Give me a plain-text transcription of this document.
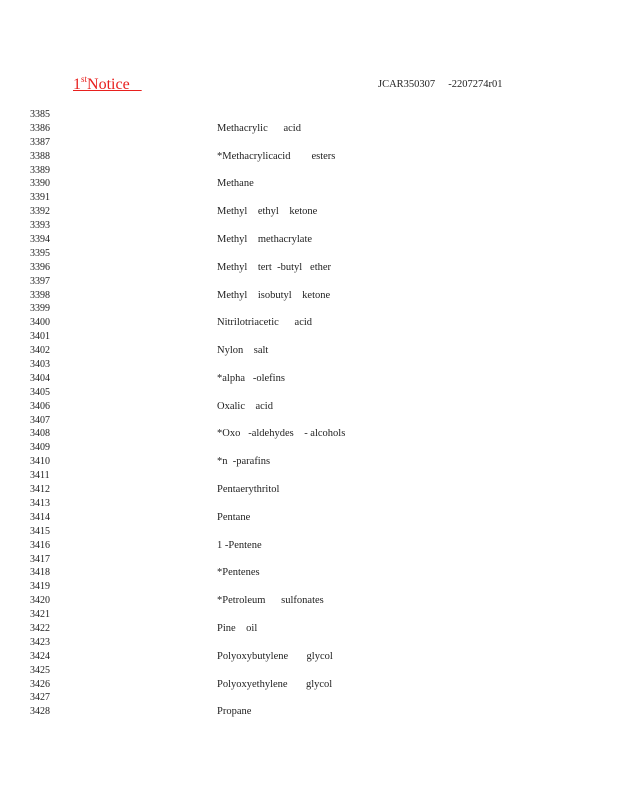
1stNotice	JCAR350307     -2207274r01
3385
3386	Methacrylic      acid
3387
3388	*Methacrylicacid        esters
3389
3390	Methane
3391
3392	Methyl    ethyl    ketone
3393
3394	Methyl    methacrylate
3395
3396	Methyl    tert  -butyl   ether
3397
3398	Methyl    isobutyl    ketone
3399
3400	Nitrilotriacetic      acid
3401
3402	Nylon    salt
3403
3404	*alpha   -olefins
3405
3406	Oxalic    acid
3407
3408	*Oxo   -aldehydes    - alcohols
3409
3410	*n  -parafins
3411
3412	Pentaerythritol
3413
3414	Pentane
3415
3416	1 -Pentene
3417
3418	*Pentenes
3419
3420	*Petroleum      sulfonates
3421
3422	Pine    oil
3423
3424	Polyoxybutylene       glycol
3425
3426	Polyoxyethylene       glycol
3427
3428	Propane
